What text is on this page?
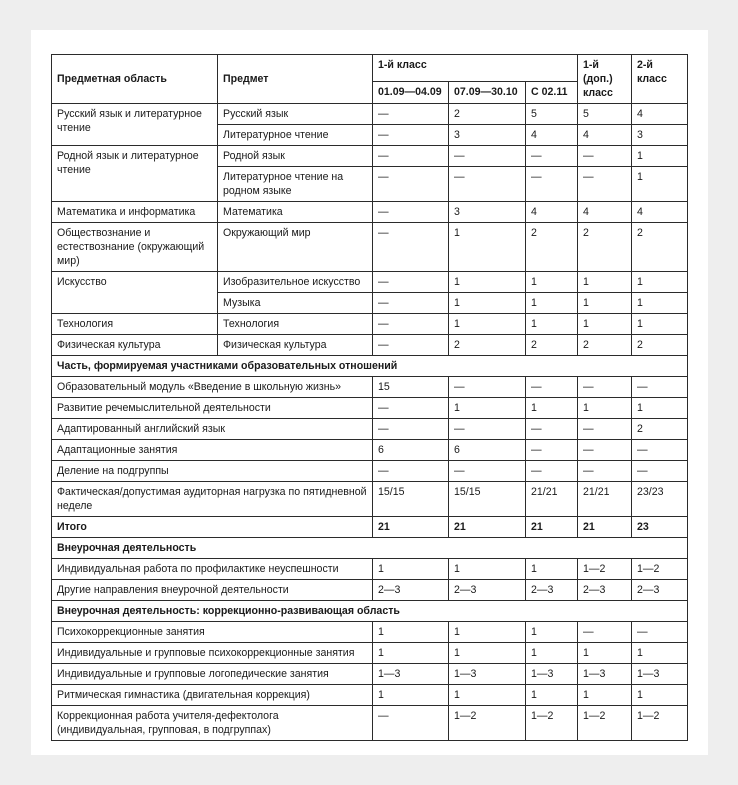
Предметная область	Предмет	1-й класс			1-й (доп.) класс	2-й класс
		01.09—04.09	07.09—30.10	С 02.11		
Русский язык и литературное чтение	Русский язык	—	2	5	5	4
	Литературное чтение	—	3	4	4	3
Родной язык и литературное чтение	Родной язык	—	—	—	—	1
	Литературное чтение на родном языке	—	—	—	—	1
Математика и информатика	Математика	—	3	4	4	4
Обществознание и естествознание (окружающий мир)	Окружающий мир	—	1	2	2	2
Искусство	Изобразительное искусство	—	1	1	1	1
	Музыка	—	1	1	1	1
Технология	Технология	—	1	1	1	1
Физическая культура	Физическая культура	—	2	2	2	2
Часть, формируемая участниками образовательных отношений						
Образовательный модуль «Введение в школьную жизнь»		15	—	—	—	—
Развитие речемыслительной деятельности		—	1	1	1	1
Адаптированный английский язык		—	—	—	—	2
Адаптационные занятия		6	6	—	—	—
Деление на подгруппы		—	—	—	—	—
Фактическая/допустимая аудиторная нагрузка по пятидневной неделе		15/15	15/15	21/21	21/21	23/23
Итого		21	21	21	21	23
Внеурочная деятельность						
Индивидуальная работа по профилактике неуспешности		1	1	1	1—2	1—2
Другие направления внеурочной деятельности		2—3	2—3	2—3	2—3	2—3
Внеурочная деятельность: коррекционно-развивающая область						
Психокоррекционные занятия		1	1	1	—	—
Индивидуальные и групповые психокоррекционные занятия		1	1	1	1	1
Индивидуальные и групповые логопедические занятия		1—3	1—3	1—3	1—3	1—3
Ритмическая гимнастика (двигательная коррекция)		1	1	1	1	1
Коррекционная работа учителя-дефектолога (индивидуальная, групповая, в подгруппах)		—	1—2	1—2	1—2	1—2
